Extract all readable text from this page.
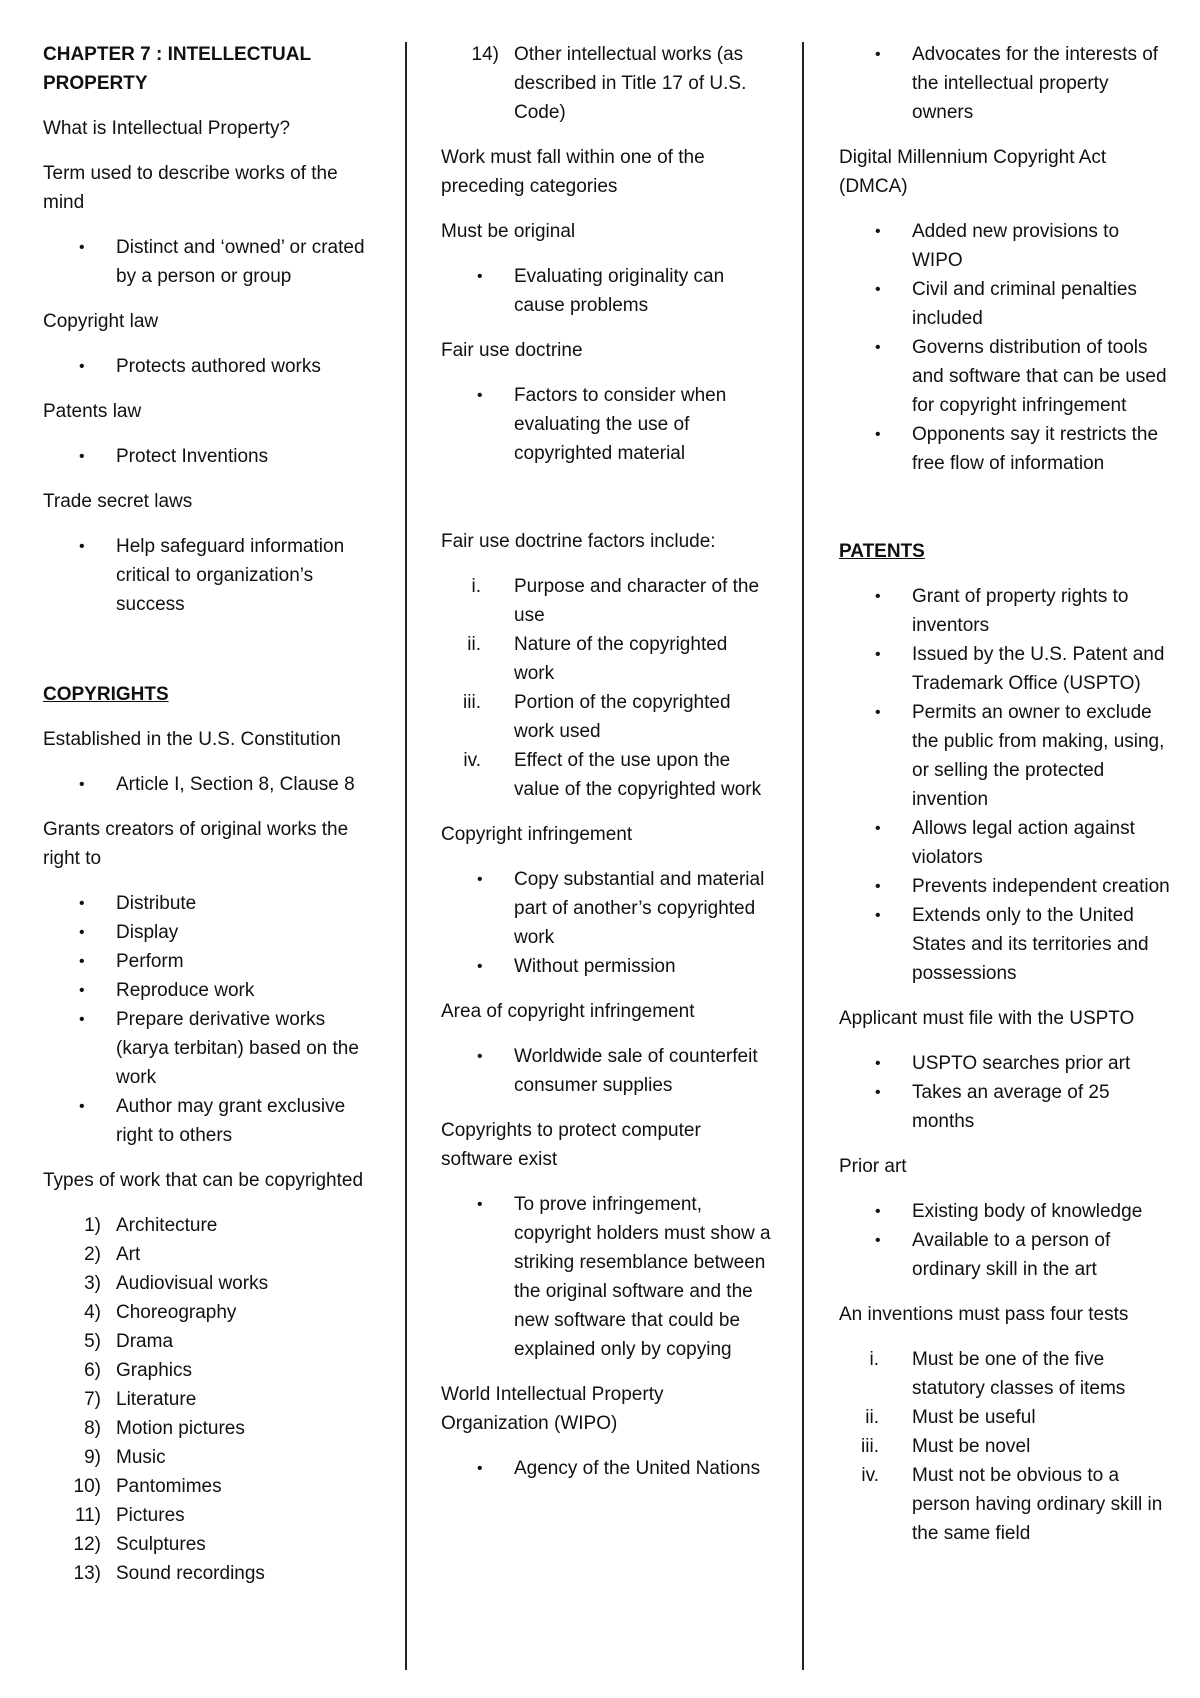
CHAPTER 7 : INTELLECTUAL PROPERTY

What is Intellectual Property?

Term used to describe works of the mind

• Distinct and ‘owned’ or crated by a person or group

Copyright law

• Protects authored works

Patents law

• Protect Inventions

Trade secret laws

• Help safeguard information critical to organization’s success

COPYRIGHTS

Established in the U.S. Constitution

• Article I, Section 8, Clause 8

Grants creators of original works the right to

• Distribute
• Display
• Perform
• Reproduce work
• Prepare derivative works (karya terbitan) based on the work
• Author may grant exclusive right to others

Types of work that can be copyrighted

1) Architecture
2) Art
3) Audiovisual works
4) Choreography
5) Drama
6) Graphics
7) Literature
8) Motion pictures
9) Music
10) Pantomimes
11) Pictures
12) Sculptures
13) Sound recordings
14) Other intellectual works (as described in Title 17 of U.S. Code)

Work must fall within one of the preceding categories

Must be original

• Evaluating originality can cause problems

Fair use doctrine

• Factors to consider when evaluating the use of copyrighted material

Fair use doctrine factors include:

i. Purpose and character of the use
ii. Nature of the copyrighted work
iii. Portion of the copyrighted work used
iv. Effect of the use upon the value of the copyrighted work

Copyright infringement

• Copy substantial and material part of another’s copyrighted work
• Without permission

Area of copyright infringement

• Worldwide sale of counterfeit consumer supplies

Copyrights to protect computer software exist

• To prove infringement, copyright holders must show a striking resemblance between the original software and the new software that could be explained only by copying

World Intellectual Property Organization (WIPO)

• Agency of the United Nations
• Advocates for the interests of the intellectual property owners

Digital Millennium Copyright Act (DMCA)

• Added new provisions to WIPO
• Civil and criminal penalties included
• Governs distribution of tools and software that can be used for copyright infringement
• Opponents say it restricts the free flow of information

PATENTS

• Grant of property rights to inventors
• Issued by the U.S. Patent and Trademark Office (USPTO)
• Permits an owner to exclude the public from making, using, or selling the protected invention
• Allows legal action against violators
• Prevents independent creation
• Extends only to the United States and its territories and possessions

Applicant must file with the USPTO

• USPTO searches prior art
• Takes an average of 25 months

Prior art

• Existing body of knowledge
• Available to a person of ordinary skill in the art

An inventions must pass four tests

i. Must be one of the five statutory classes of items
ii. Must be useful
iii. Must be novel
iv. Must not be obvious to a person having ordinary skill in the same field
